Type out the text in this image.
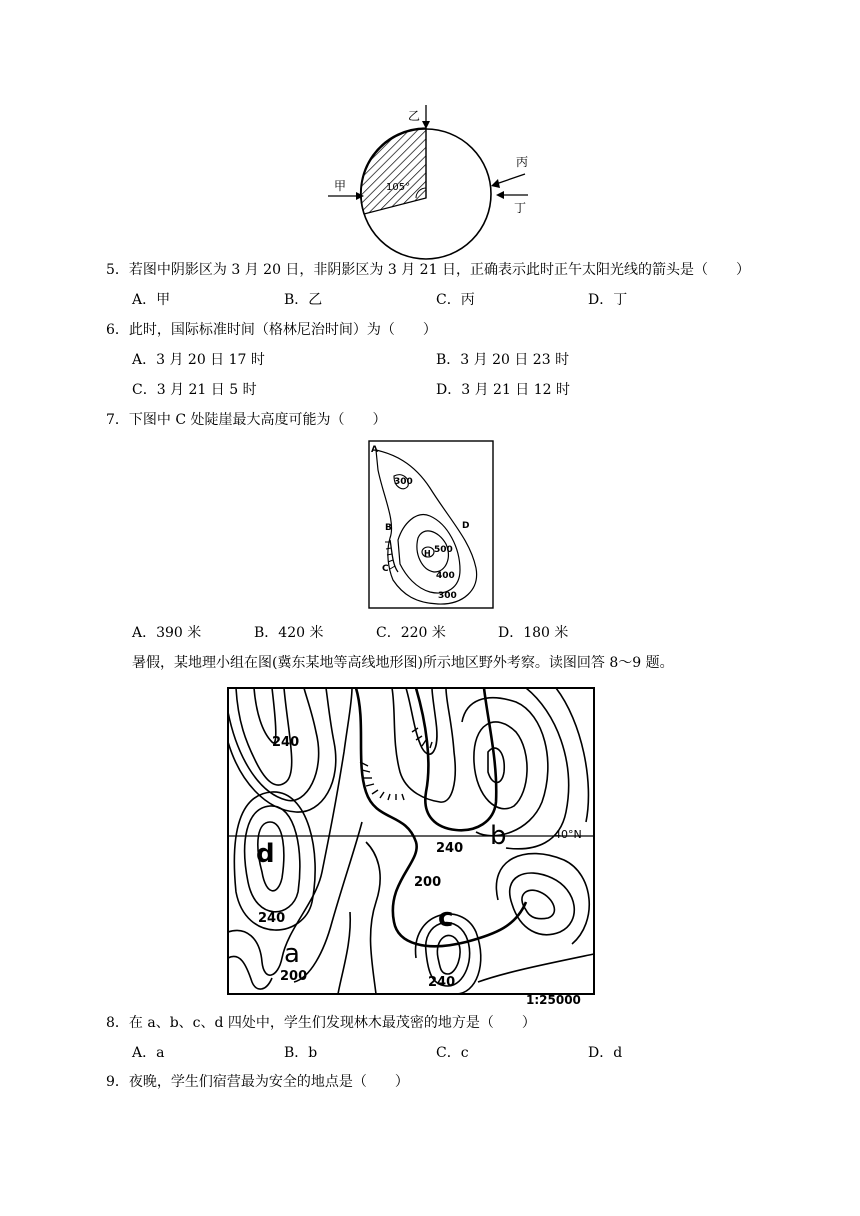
105°
乙
甲
丙
丁
5．若图中阴影区为 3 月 20 日，非阴影区为 3 月 21 日，正确表示此时正午太阳光线的箭头是（　　）
A．甲	B．乙	C．丙	D．丁
6．此时，国际标准时间（格林尼治时间）为（　　）
A．3 月 20 日 17 时	B．3 月 20 日 23 时
C．3 月 21 日 5 时	D．3 月 21 日 12 时
7．下图中 C 处陡崖最大高度可能为（　　）
A
B
C
D
H
300
500
400
300
A．390 米	B．420 米	C．220 米	D．180 米
暑假，某地理小组在图(冀东某地等高线地形图)所示地区野外考察。读图回答 8～9 题。
b
d
c
a
40°N
240
240
200
240
200	240
1:25000
8．在 a、b、c、d 四处中，学生们发现林木最茂密的地方是（　　）
A．a	B．b	C．c	D．d
9．夜晚，学生们宿营最为安全的地点是（　　）
